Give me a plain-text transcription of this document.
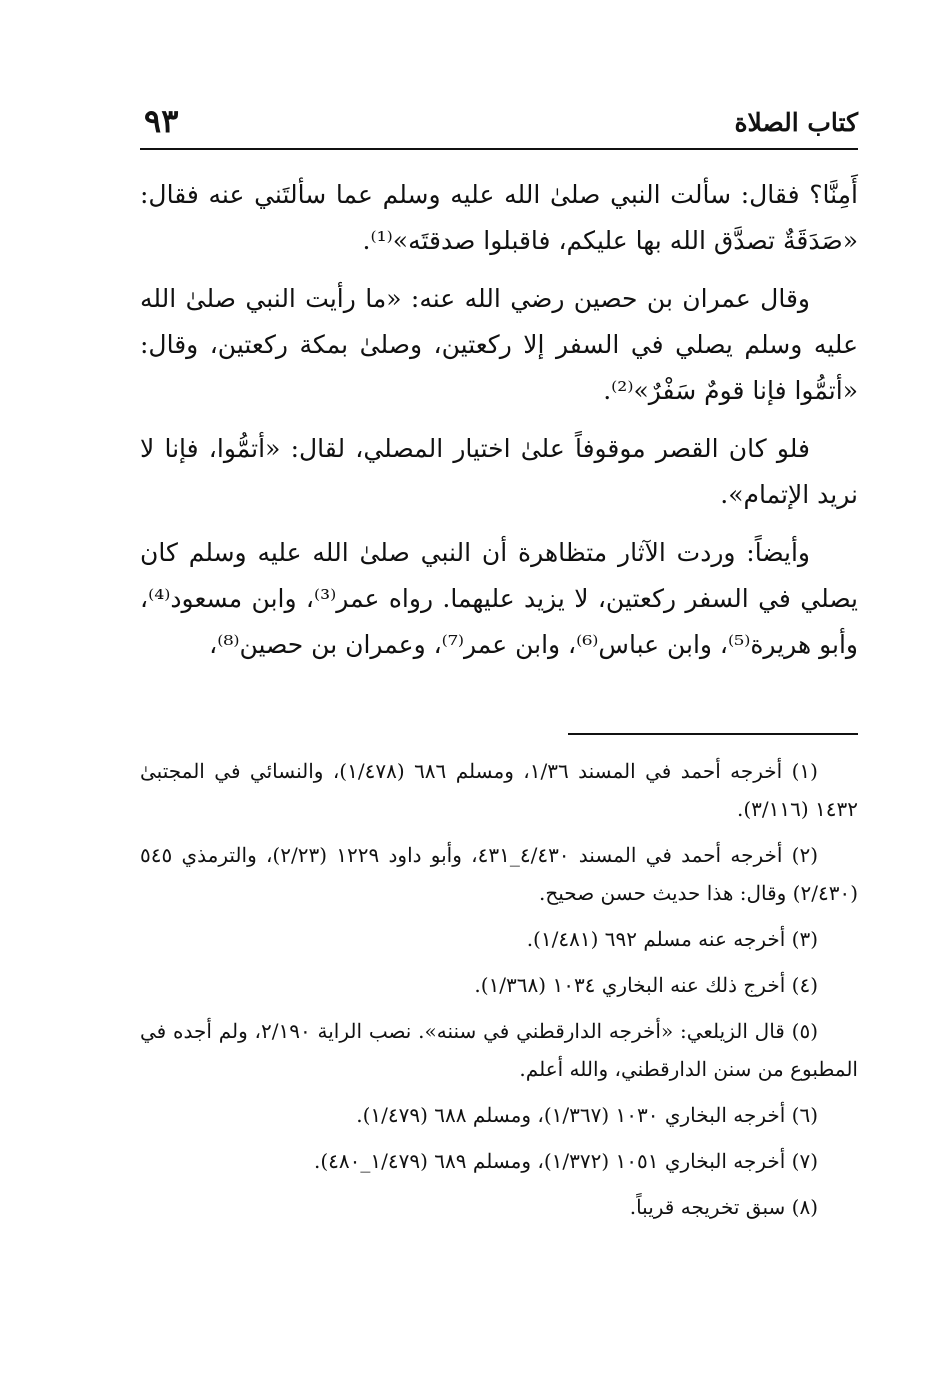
كتاب الصلاة
٩٣

أَمِنَّا؟ فقال: سألت النبي صلىٰ الله عليه وسلم عما سألتَني عنه فقال: «صَدَقَةٌ تصدَّق الله بها عليكم، فاقبلوا صدقتَه»⁽¹⁾.

وقال عمران بن حصين رضي الله عنه: «ما رأيت النبي صلىٰ الله عليه وسلم يصلي في السفر إلا ركعتين، وصلىٰ بمكة ركعتين، وقال: «أتمُّوا فإنا قومٌ سَفْرٌ»⁽²⁾.

فلو كان القصر موقوفاً علىٰ اختيار المصلي، لقال: «أتمُّوا، فإنا لا نريد الإتمام».

وأيضاً: وردت الآثار متظاهرة أن النبي صلىٰ الله عليه وسلم كان يصلي في السفر ركعتين، لا يزيد عليهما. رواه عمر⁽³⁾، وابن مسعود⁽⁴⁾، وأبو هريرة⁽⁵⁾، وابن عباس⁽⁶⁾، وابن عمر⁽⁷⁾، وعمران بن حصين⁽⁸⁾،

(١) أخرجه أحمد في المسند ١/٣٦، ومسلم ٦٨٦ (١/٤٧٨)، والنسائي في المجتبىٰ ١٤٣٢ (٣/١١٦).

(٢) أخرجه أحمد في المسند ٤/٤٣٠_٤٣١، وأبو داود ١٢٢٩ (٢/٢٣)، والترمذي ٥٤٥ (٢/٤٣٠) وقال: هذا حديث حسن صحيح.

(٣) أخرجه عنه مسلم ٦٩٢ (١/٤٨١).

(٤) أخرج ذلك عنه البخاري ١٠٣٤ (١/٣٦٨).

(٥) قال الزيلعي: «أخرجه الدارقطني في سننه». نصب الراية ٢/١٩٠، ولم أجده في المطبوع من سنن الدارقطني، والله أعلم.

(٦) أخرجه البخاري ١٠٣٠ (١/٣٦٧)، ومسلم ٦٨٨ (١/٤٧٩).

(٧) أخرجه البخاري ١٠٥١ (١/٣٧٢)، ومسلم ٦٨٩ (١/٤٧٩_٤٨٠).

(٨) سبق تخريجه قريباً.
